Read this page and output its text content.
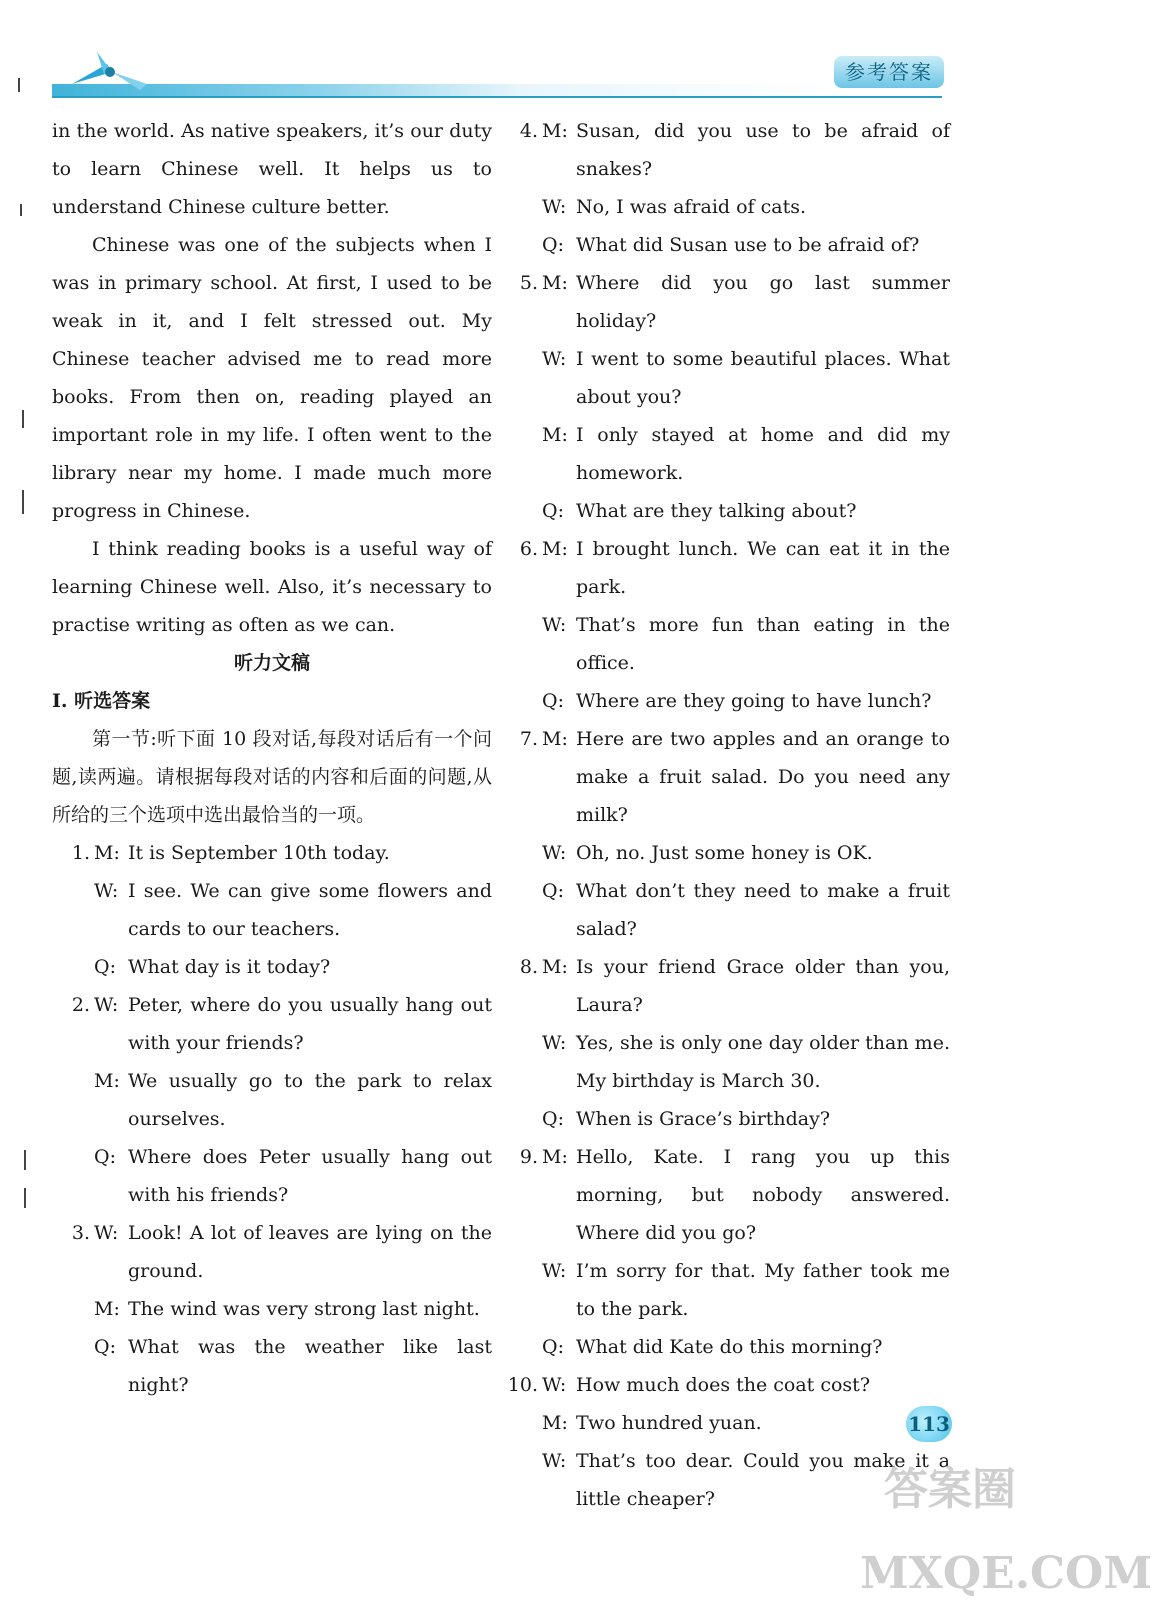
参考答案

in the world. As native speakers, it’s our duty to learn Chinese well. It helps us to understand Chinese culture better.

Chinese was one of the subjects when I was in primary school. At first, I used to be weak in it, and I felt stressed out. My Chinese teacher advised me to read more books. From then on, reading played an important role in my life. I often went to the library near my home. I made much more progress in Chinese.

I think reading books is a useful way of learning Chinese well. Also, it’s necessary to practise writing as often as we can.

听力文稿

Ⅰ. 听选答案

第一节:听下面 10 段对话,每段对话后有一个问题,读两遍。请根据每段对话的内容和后面的问题,从所给的三个选项中选出最恰当的一项。

1. M: It is September 10th today.
W: I see. We can give some flowers and cards to our teachers.
Q: What day is it today?
2. W: Peter, where do you usually hang out with your friends?
M: We usually go to the park to relax ourselves.
Q: Where does Peter usually hang out with his friends?
3. W: Look! A lot of leaves are lying on the ground.
M: The wind was very strong last night.
Q: What was the weather like last night?
4. M: Susan, did you use to be afraid of snakes?
W: No, I was afraid of cats.
Q: What did Susan use to be afraid of?
5. M: Where did you go last summer holiday?
W: I went to some beautiful places. What about you?
M: I only stayed at home and did my homework.
Q: What are they talking about?
6. M: I brought lunch. We can eat it in the park.
W: That’s more fun than eating in the office.
Q: Where are they going to have lunch?
7. M: Here are two apples and an orange to make a fruit salad. Do you need any milk?
W: Oh, no. Just some honey is OK.
Q: What don’t they need to make a fruit salad?
8. M: Is your friend Grace older than you, Laura?
W: Yes, she is only one day older than me. My birthday is March 30.
Q: When is Grace’s birthday?
9. M: Hello, Kate. I rang you up this morning, but nobody answered. Where did you go?
W: I’m sorry for that. My father took me to the park.
Q: What did Kate do this morning?
10. W: How much does the coat cost?
M: Two hundred yuan.
W: That’s too dear. Could you make it a little cheaper?
113
答案圈 MXQE.COM
